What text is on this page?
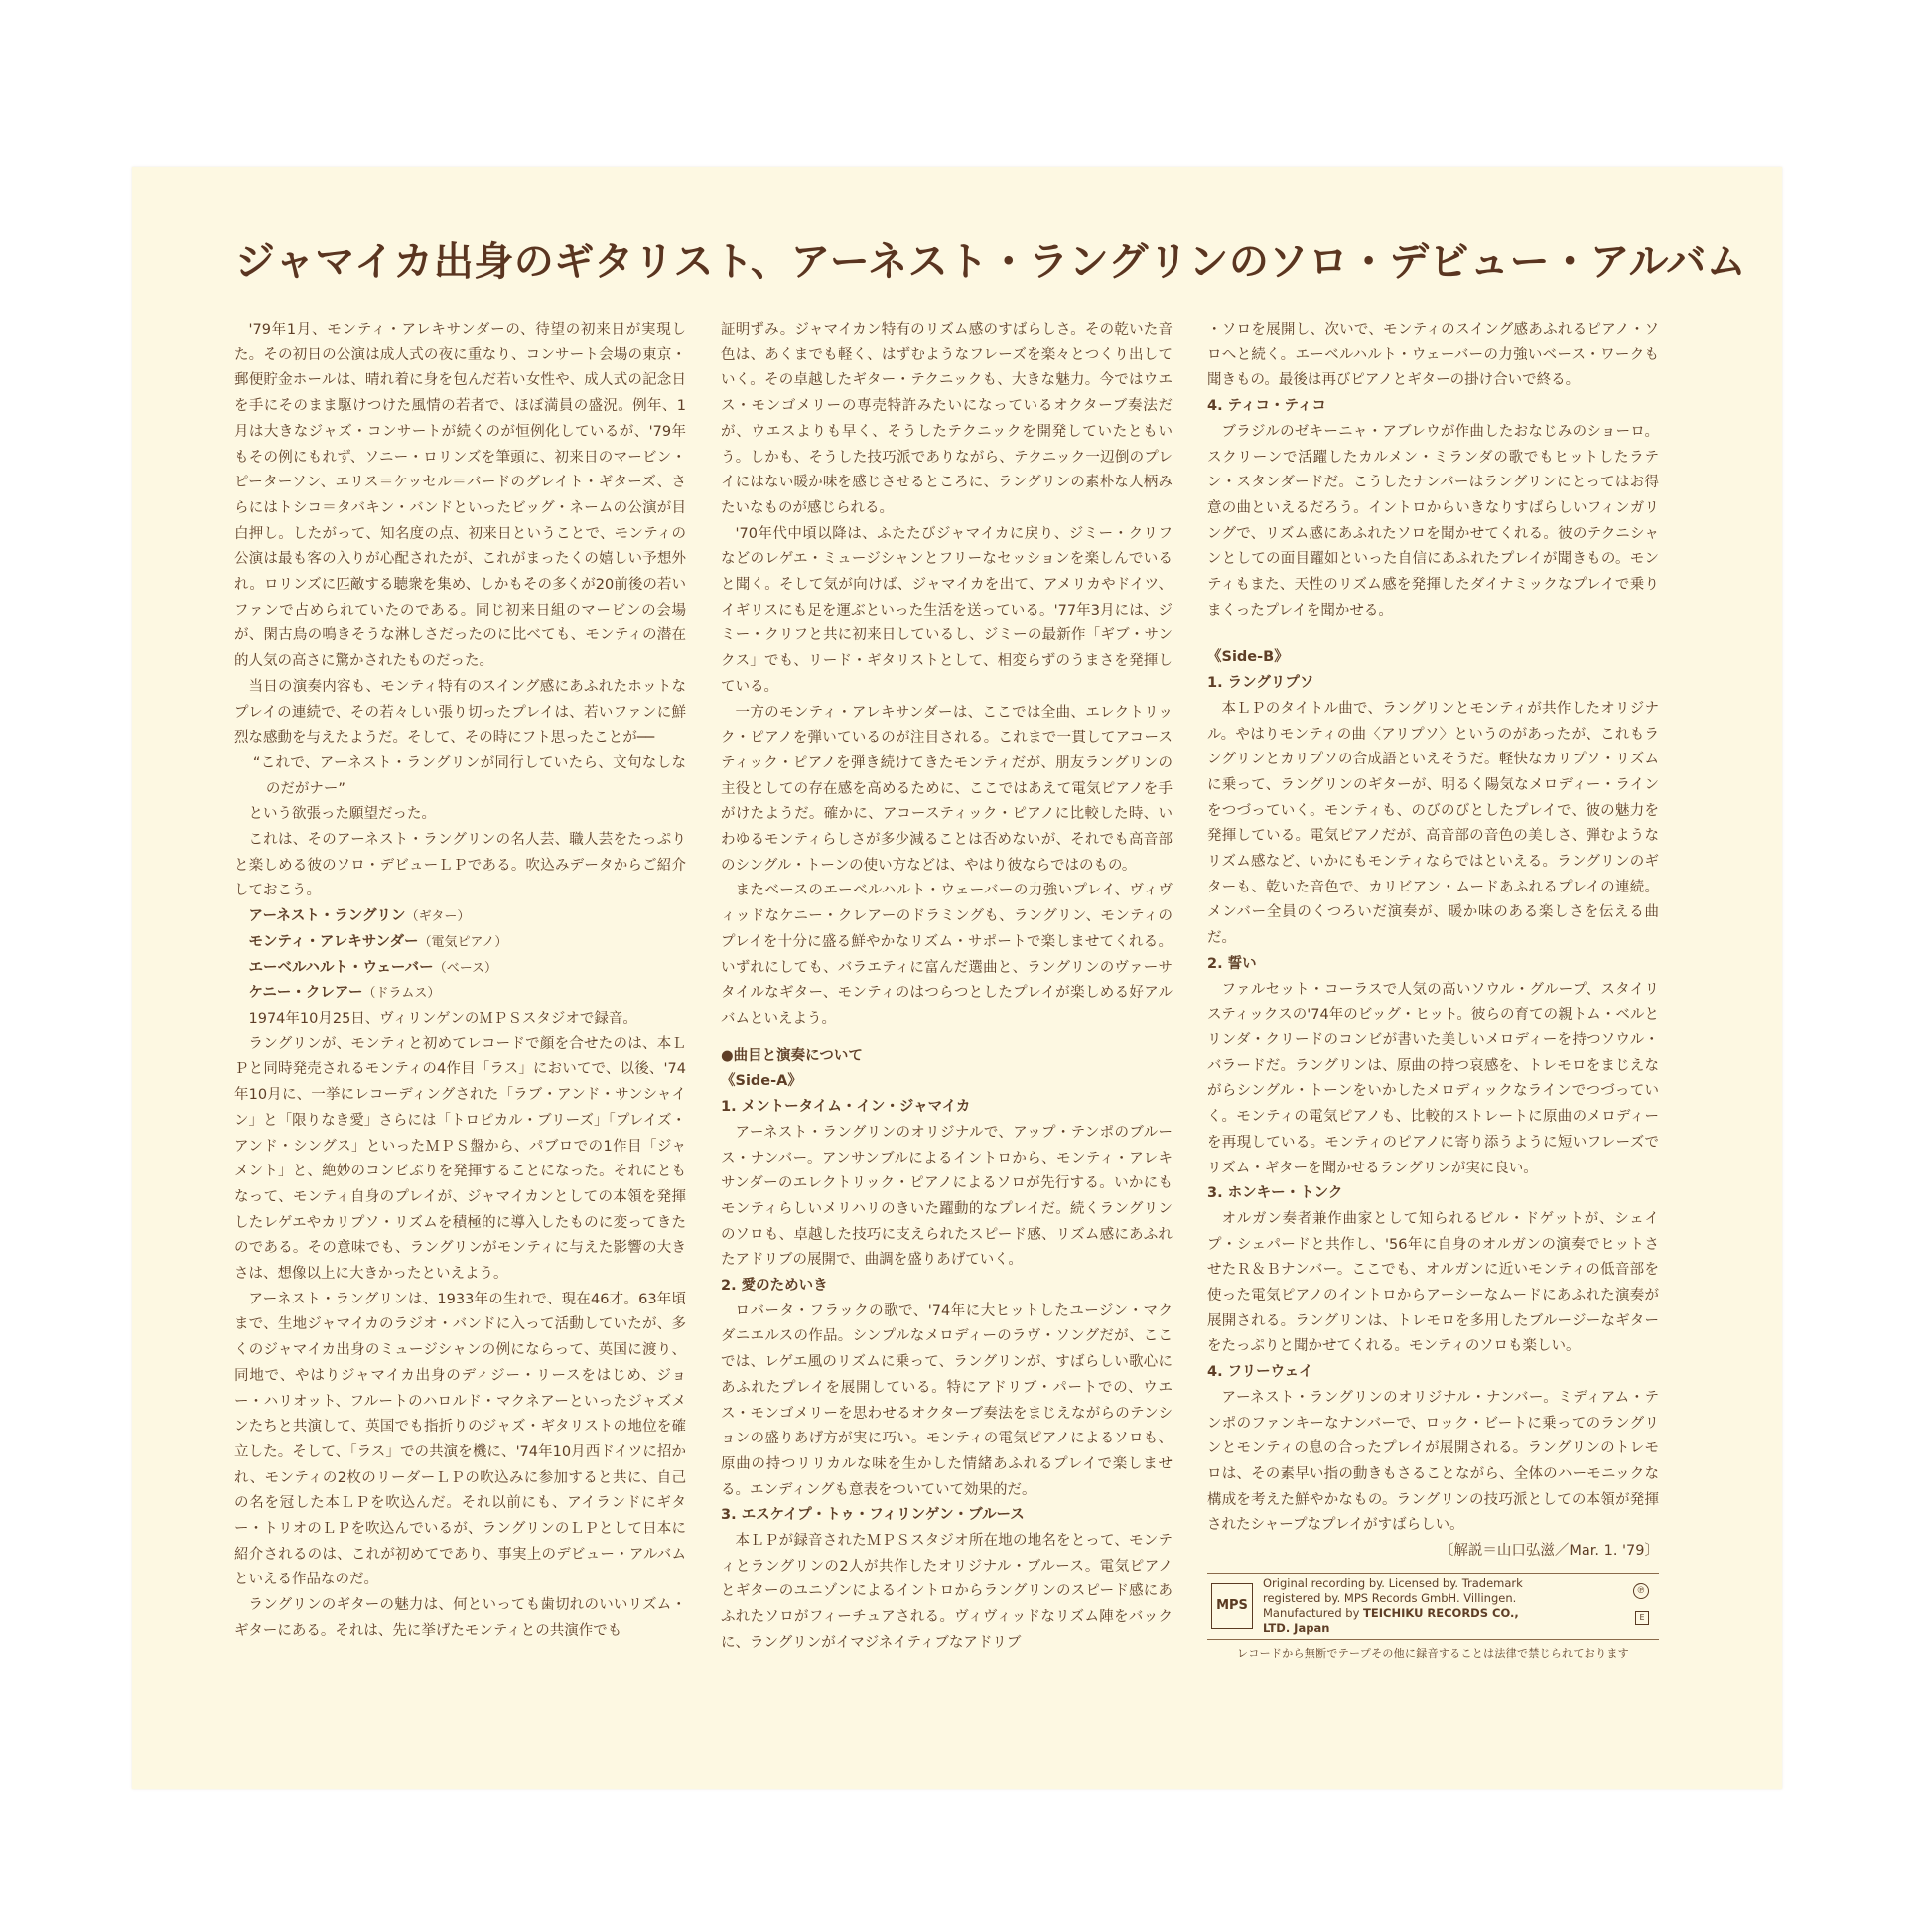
ジャマイカ出身のギタリスト、アーネスト・ラングリンのソロ・デビュー・アルバム

'79年1月、モンティ・アレキサンダーの、待望の初来日が実現した。その初日の公演は成人式の夜に重なり、コンサート会場の東京・郵便貯金ホールは、晴れ着に身を包んだ若い女性や、成人式の記念日を手にそのまま駆けつけた風情の若者で、ほぼ満員の盛況。例年、1月は大きなジャズ・コンサートが続くのが恒例化しているが、'79年もその例にもれず、ソニー・ロリンズを筆頭に、初来日のマービン・ピーターソン、エリス＝ケッセル＝バードのグレイト・ギターズ、さらにはトシコ＝タバキン・バンドといったビッグ・ネームの公演が目白押し。したがって、知名度の点、初来日ということで、モンティの公演は最も客の入りが心配されたが、これがまったくの嬉しい予想外れ。ロリンズに匹敵する聴衆を集め、しかもその多くが20前後の若いファンで占められていたのである。同じ初来日組のマービンの会場が、閑古鳥の鳴きそうな淋しさだったのに比べても、モンティの潜在的人気の高さに驚かされたものだった。

当日の演奏内容も、モンティ特有のスイング感にあふれたホットなプレイの連続で、その若々しい張り切ったプレイは、若いファンに鮮烈な感動を与えたようだ。そして、その時にフト思ったことが──

“これで、アーネスト・ラングリンが同行していたら、文句なしなのだがナー”

という欲張った願望だった。

これは、そのアーネスト・ラングリンの名人芸、職人芸をたっぷりと楽しめる彼のソロ・デビューＬＰである。吹込みデータからご紹介しておこう。

アーネスト・ラングリン（ギター）

モンティ・アレキサンダー（電気ピアノ）

エーベルハルト・ウェーバー（ベース）

ケニー・クレアー（ドラムス）

1974年10月25日、ヴィリンゲンのＭＰＳスタジオで録音。

ラングリンが、モンティと初めてレコードで顔を合せたのは、本ＬＰと同時発売されるモンティの4作目「ラス」においてで、以後、'74年10月に、一挙にレコーディングされた「ラブ・アンド・サンシャイン」と「限りなき愛」さらには「トロピカル・ブリーズ」「プレイズ・アンド・シングス」といったＭＰＳ盤から、パブロでの1作目「ジャメント」と、絶妙のコンビぶりを発揮することになった。それにともなって、モンティ自身のプレイが、ジャマイカンとしての本領を発揮したレゲエやカリプソ・リズムを積極的に導入したものに変ってきたのである。その意味でも、ラングリンがモンティに与えた影響の大きさは、想像以上に大きかったといえよう。

アーネスト・ラングリンは、1933年の生れで、現在46才。63年頃まで、生地ジャマイカのラジオ・バンドに入って活動していたが、多くのジャマイカ出身のミュージシャンの例にならって、英国に渡り、同地で、やはりジャマイカ出身のディジー・リースをはじめ、ジョー・ハリオット、フルートのハロルド・マクネアーといったジャズメンたちと共演して、英国でも指折りのジャズ・ギタリストの地位を確立した。そして、「ラス」での共演を機に、'74年10月西ドイツに招かれ、モンティの2枚のリーダーＬＰの吹込みに参加すると共に、自己の名を冠した本ＬＰを吹込んだ。それ以前にも、アイランドにギター・トリオのＬＰを吹込んでいるが、ラングリンのＬＰとして日本に紹介されるのは、これが初めてであり、事実上のデビュー・アルバムといえる作品なのだ。

ラングリンのギターの魅力は、何といっても歯切れのいいリズム・ギターにある。それは、先に挙げたモンティとの共演作でも

証明ずみ。ジャマイカン特有のリズム感のすばらしさ。その乾いた音色は、あくまでも軽く、はずむようなフレーズを楽々とつくり出していく。その卓越したギター・テクニックも、大きな魅力。今ではウエス・モンゴメリーの専売特許みたいになっているオクターブ奏法だが、ウエスよりも早く、そうしたテクニックを開発していたともいう。しかも、そうした技巧派でありながら、テクニック一辺倒のプレイにはない暖か味を感じさせるところに、ラングリンの素朴な人柄みたいなものが感じられる。

'70年代中頃以降は、ふたたびジャマイカに戻り、ジミー・クリフなどのレゲエ・ミュージシャンとフリーなセッションを楽しんでいると聞く。そして気が向けば、ジャマイカを出て、アメリカやドイツ、イギリスにも足を運ぶといった生活を送っている。'77年3月には、ジミー・クリフと共に初来日しているし、ジミーの最新作「ギブ・サンクス」でも、リード・ギタリストとして、相変らずのうまさを発揮している。

一方のモンティ・アレキサンダーは、ここでは全曲、エレクトリック・ピアノを弾いているのが注目される。これまで一貫してアコースティック・ピアノを弾き続けてきたモンティだが、朋友ラングリンの主役としての存在感を高めるために、ここではあえて電気ピアノを手がけたようだ。確かに、アコースティック・ピアノに比較した時、いわゆるモンティらしさが多少減ることは否めないが、それでも高音部のシングル・トーンの使い方などは、やはり彼ならではのもの。

またベースのエーベルハルト・ウェーバーの力強いプレイ、ヴィヴィッドなケニー・クレアーのドラミングも、ラングリン、モンティのプレイを十分に盛る鮮やかなリズム・サポートで楽しませてくれる。いずれにしても、バラエティに富んだ選曲と、ラングリンのヴァーサタイルなギター、モンティのはつらつとしたプレイが楽しめる好アルバムといえよう。

●曲目と演奏について

《Side-A》

1. メントータイム・イン・ジャマイカ

アーネスト・ラングリンのオリジナルで、アップ・テンポのブルース・ナンバー。アンサンブルによるイントロから、モンティ・アレキサンダーのエレクトリック・ピアノによるソロが先行する。いかにもモンティらしいメリハリのきいた躍動的なプレイだ。続くラングリンのソロも、卓越した技巧に支えられたスピード感、リズム感にあふれたアドリブの展開で、曲調を盛りあげていく。

2. 愛のためいき

ロバータ・フラックの歌で、'74年に大ヒットしたユージン・マクダニエルスの作品。シンプルなメロディーのラヴ・ソングだが、ここでは、レゲエ風のリズムに乗って、ラングリンが、すばらしい歌心にあふれたプレイを展開している。特にアドリブ・パートでの、ウエス・モンゴメリーを思わせるオクターブ奏法をまじえながらのテンションの盛りあげ方が実に巧い。モンティの電気ピアノによるソロも、原曲の持つリリカルな味を生かした情緒あふれるプレイで楽しませる。エンディングも意表をついていて効果的だ。

3. エスケイプ・トゥ・フィリンゲン・ブルース

本ＬＰが録音されたＭＰＳスタジオ所在地の地名をとって、モンティとラングリンの2人が共作したオリジナル・ブルース。電気ピアノとギターのユニゾンによるイントロからラングリンのスピード感にあふれたソロがフィーチュアされる。ヴィヴィッドなリズム陣をバックに、ラングリンがイマジネイティブなアドリブ

・ソロを展開し、次いで、モンティのスイング感あふれるピアノ・ソロへと続く。エーベルハルト・ウェーバーの力強いベース・ワークも聞きもの。最後は再びピアノとギターの掛け合いで終る。

4. ティコ・ティコ

ブラジルのゼキーニャ・アブレウが作曲したおなじみのショーロ。スクリーンで活躍したカルメン・ミランダの歌でもヒットしたラテン・スタンダードだ。こうしたナンバーはラングリンにとってはお得意の曲といえるだろう。イントロからいきなりすばらしいフィンガリングで、リズム感にあふれたソロを聞かせてくれる。彼のテクニシャンとしての面目躍如といった自信にあふれたプレイが聞きもの。モンティもまた、天性のリズム感を発揮したダイナミックなプレイで乗りまくったプレイを聞かせる。

《Side-B》

1. ラングリプソ

本ＬＰのタイトル曲で、ラングリンとモンティが共作したオリジナル。やはりモンティの曲〈アリプソ〉というのがあったが、これもラングリンとカリプソの合成語といえそうだ。軽快なカリプソ・リズムに乗って、ラングリンのギターが、明るく陽気なメロディー・ラインをつづっていく。モンティも、のびのびとしたプレイで、彼の魅力を発揮している。電気ピアノだが、高音部の音色の美しさ、弾むようなリズム感など、いかにもモンティならではといえる。ラングリンのギターも、乾いた音色で、カリビアン・ムードあふれるプレイの連続。メンバー全員のくつろいだ演奏が、暖か味のある楽しさを伝える曲だ。

2. 誓い

ファルセット・コーラスで人気の高いソウル・グループ、スタイリスティックスの'74年のビッグ・ヒット。彼らの育ての親トム・ベルとリンダ・クリードのコンビが書いた美しいメロディーを持つソウル・バラードだ。ラングリンは、原曲の持つ哀感を、トレモロをまじえながらシングル・トーンをいかしたメロディックなラインでつづっていく。モンティの電気ピアノも、比較的ストレートに原曲のメロディーを再現している。モンティのピアノに寄り添うように短いフレーズでリズム・ギターを聞かせるラングリンが実に良い。

3. ホンキー・トンク

オルガン奏者兼作曲家として知られるビル・ドゲットが、シェイプ・シェパードと共作し、'56年に自身のオルガンの演奏でヒットさせたＲ＆Ｂナンバー。ここでも、オルガンに近いモンティの低音部を使った電気ピアノのイントロからアーシーなムードにあふれた演奏が展開される。ラングリンは、トレモロを多用したブルージーなギターをたっぷりと聞かせてくれる。モンティのソロも楽しい。

4. フリーウェイ

アーネスト・ラングリンのオリジナル・ナンバー。ミディアム・テンポのファンキーなナンバーで、ロック・ビートに乗ってのラングリンとモンティの息の合ったプレイが展開される。ラングリンのトレモロは、その素早い指の動きもさることながら、全体のハーモニックな構成を考えた鮮やかなもの。ラングリンの技巧派としての本領が発揮されたシャープなプレイがすばらしい。

〔解説＝山口弘滋／Mar. 1. '79〕

MPS
Original recording by. Licensed by. Trademark
registered by. MPS Records GmbH. Villingen.
Manufactured by TEICHIKU RECORDS CO.,
LTD. Japan
℗
E
レコードから無断でテープその他に録音することは法律で禁じられております
